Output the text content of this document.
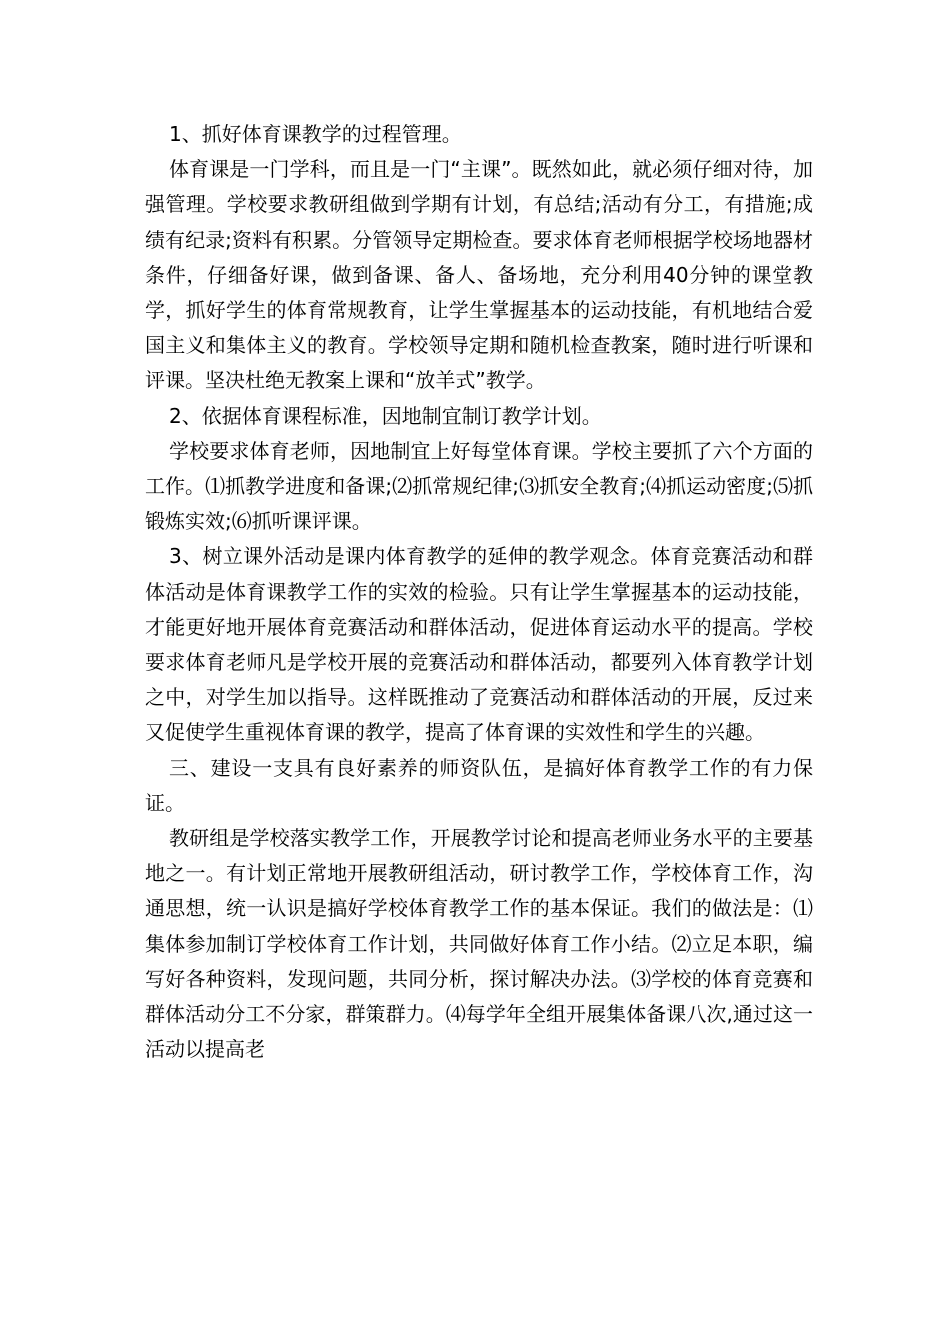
1、抓好体育课教学的过程管理。

体育课是一门学科，而且是一门“主课”。既然如此，就必须仔细对待，加强管理。学校要求教研组做到学期有计划，有总结;活动有分工，有措施;成绩有纪录;资料有积累。分管领导定期检查。要求体育老师根据学校场地器材条件，仔细备好课，做到备课、备人、备场地，充分利用40分钟的课堂教学，抓好学生的体育常规教育，让学生掌握基本的运动技能，有机地结合爱国主义和集体主义的教育。学校领导定期和随机检查教案，随时进行听课和评课。坚决杜绝无教案上课和“放羊式”教学。

2、依据体育课程标准，因地制宜制订教学计划。

学校要求体育老师，因地制宜上好每堂体育课。学校主要抓了六个方面的工作。⑴抓教学进度和备课;⑵抓常规纪律;⑶抓安全教育;⑷抓运动密度;⑸抓锻炼实效;⑹抓听课评课。

3、树立课外活动是课内体育教学的延伸的教学观念。体育竞赛活动和群体活动是体育课教学工作的实效的检验。只有让学生掌握基本的运动技能，才能更好地开展体育竞赛活动和群体活动，促进体育运动水平的提高。学校要求体育老师凡是学校开展的竞赛活动和群体活动，都要列入体育教学计划之中，对学生加以指导。这样既推动了竞赛活动和群体活动的开展，反过来又促使学生重视体育课的教学，提高了体育课的实效性和学生的兴趣。

三、建设一支具有良好素养的师资队伍，是搞好体育教学工作的有力保证。

教研组是学校落实教学工作，开展教学讨论和提高老师业务水平的主要基地之一。有计划正常地开展教研组活动，研讨教学工作，学校体育工作，沟通思想，统一认识是搞好学校体育教学工作的基本保证。我们的做法是：⑴集体参加制订学校体育工作计划，共同做好体育工作小结。⑵立足本职，编写好各种资料，发现问题，共同分析，探讨解决办法。⑶学校的体育竞赛和群体活动分工不分家，群策群力。⑷每学年全组开展集体备课八次,通过这一活动以提高老
